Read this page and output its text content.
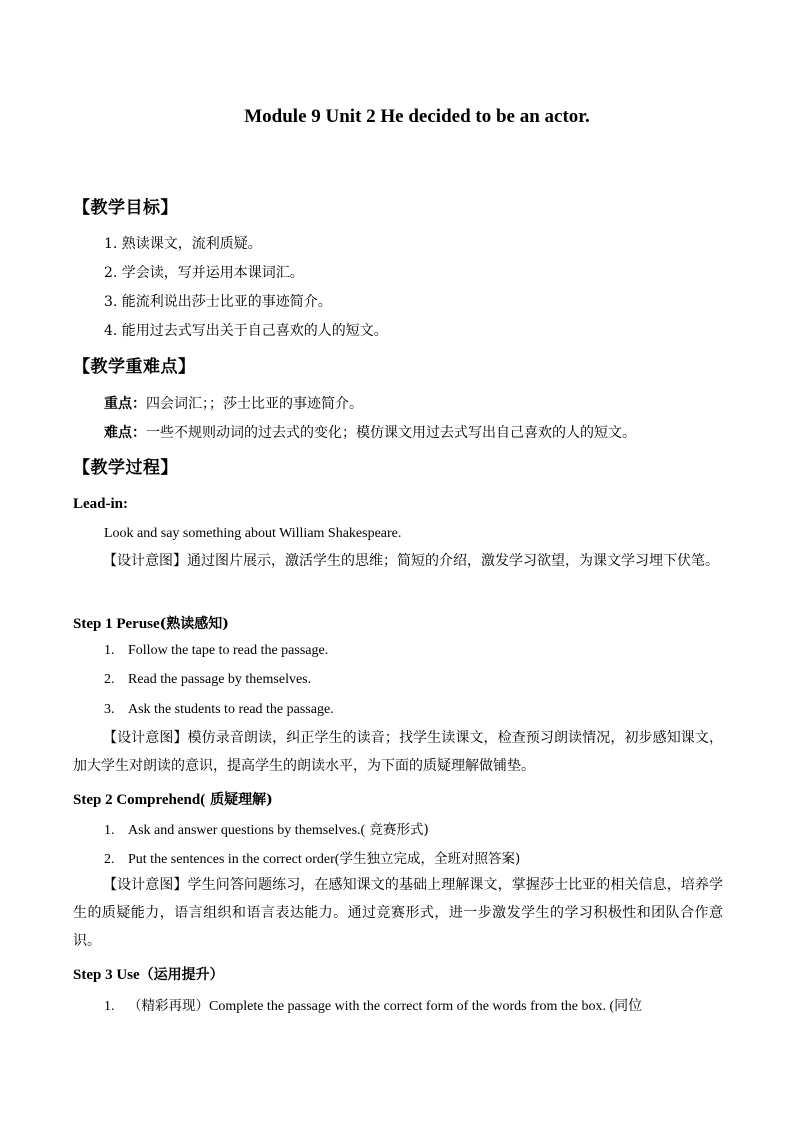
Module 9 Unit 2 He decided to be an actor.
【教学目标】
1. 熟读课文，流利质疑。
2. 学会读，写并运用本课词汇。
3. 能流利说出莎士比亚的事迹简介。
4. 能用过去式写出关于自己喜欢的人的短文。
【教学重难点】
重点：四会词汇；；莎士比亚的事迹简介。
难点：一些不规则动词的过去式的变化；模仿课文用过去式写出自己喜欢的人的短文。
【教学过程】
Lead-in:
Look and say something about William Shakespeare.
【设计意图】通过图片展示，激活学生的思维；简短的介绍，激发学习欲望，为课文学习埋下伏笔。
Step 1 Peruse(熟读感知)
1. Follow the tape to read the passage.
2. Read the passage by themselves.
3. Ask the students to read the passage.
【设计意图】模仿录音朗读，纠正学生的读音；找学生读课文，检查预习朗读情况，初步感知课文，加大学生对朗读的意识，提高学生的朗读水平，为下面的质疑理解做铺垫。
Step 2 Comprehend( 质疑理解)
1. Ask and answer questions by themselves.( 竞赛形式)
2. Put the sentences in the correct order(学生独立完成，全班对照答案)
【设计意图】学生问答问题练习，在感知课文的基础上理解课文，掌握莎士比亚的相关信息，培养学生的质疑能力，语言组织和语言表达能力。通过竞赛形式，进一步激发学生的学习积极性和团队合作意识。
Step 3 Use（运用提升）
1. （精彩再现）Complete the passage with the correct form of the words from the box. (同位
